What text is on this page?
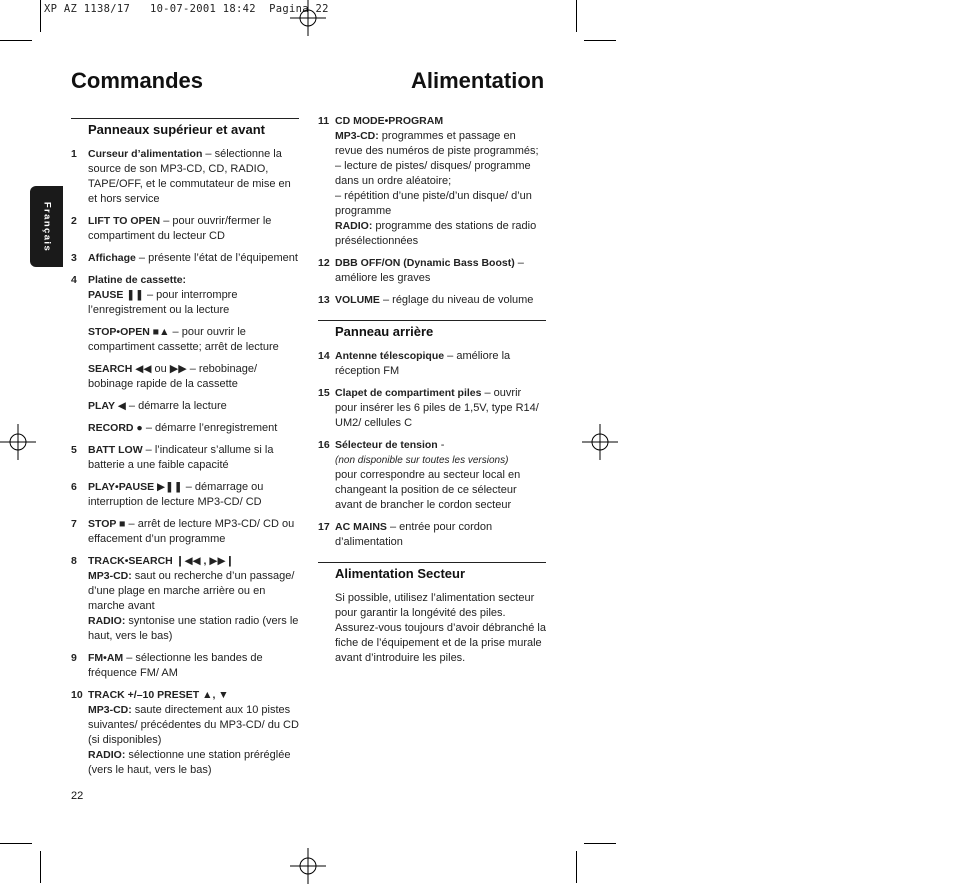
XP AZ 1138/17   10-07-2001 18:42  Pagina 22
Commandes	Alimentation
Français
Panneaux supérieur et avant
1 Curseur d’alimentation – sélectionne la source de son MP3-CD, CD, RADIO, TAPE/OFF, et le commutateur de mise en et hors service
2 LIFT TO OPEN – pour ouvrir/fermer le compartiment du lecteur CD
3 Affichage – présente l’état de l’équipement
4 Platine de cassette:
PAUSE ❚❚ – pour interrompre l’enregistrement ou la lecture
STOP•OPEN ■▲ – pour ouvrir le compartiment cassette; arrêt de lecture
SEARCH ◀◀ ou ▶▶ – rebobinage/ bobinage rapide de la cassette
PLAY ◀ – démarre la lecture
RECORD ● – démarre l’enregistrement
5 BATT LOW – l’indicateur s’allume si la batterie a une faible capacité
6 PLAY•PAUSE ▶❚❚ – démarrage ou interruption de lecture MP3-CD/ CD
7 STOP ■ – arrêt de lecture MP3-CD/ CD ou effacement d’un programme
8 TRACK•SEARCH ❙◀◀ , ▶▶❙
MP3-CD: saut ou recherche d’un passage/ d’une plage en marche arrière ou en marche avant
RADIO: syntonise une station radio (vers le haut, vers le bas)
9 FM•AM – sélectionne les bandes de fréquence FM/ AM
10 TRACK +/–10 PRESET ▲, ▼
MP3-CD: saute directement aux 10 pistes suivantes/ précédentes du MP3-CD/ du CD (si disponibles)
RADIO: sélectionne une station préréglée (vers le haut, vers le bas)
11 CD MODE•PROGRAM
MP3-CD: programmes et passage en revue des numéros de piste programmés;
– lecture de pistes/ disques/ programme dans un ordre aléatoire;
– répétition d’une piste/d’un disque/ d’un programme
RADIO: programme des stations de radio présélectionnées
12 DBB OFF/ON (Dynamic Bass Boost) – améliore les graves
13 VOLUME – réglage du niveau de volume
Panneau arrière
14 Antenne télescopique – améliore la réception FM
15 Clapet de compartiment piles – ouvrir pour insérer les 6 piles de 1,5V, type R14/ UM2/ cellules C
16 Sélecteur de tension -
(non disponible sur toutes les versions)
pour correspondre au secteur local en changeant la position de ce sélecteur avant de brancher le cordon secteur
17 AC MAINS – entrée pour cordon d’alimentation
Alimentation Secteur
Si possible, utilisez l’alimentation secteur pour garantir la longévité des piles. Assurez-vous toujours d’avoir débranché la fiche de l’équipement et de la prise murale avant d’introduire les piles.
22
